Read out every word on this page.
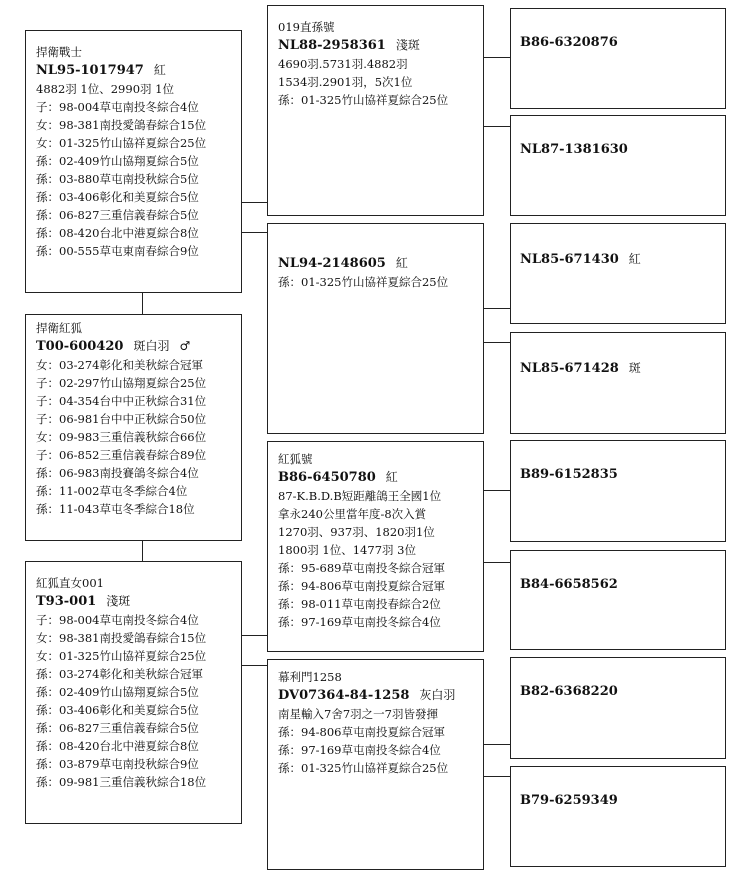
捍衛戰士
NL95-1017947 紅
4882羽 1位、2990羽 1位
子：98-004草屯南投冬綜合4位
女：98-381南投愛鴿春綜合15位
女：01-325竹山協祥夏綜合25位
孫：02-409竹山協翔夏綜合5位
孫：03-880草屯南投秋綜合5位
孫：03-406彰化和美夏綜合5位
孫：06-827三重信義春綜合5位
孫：08-420台北中港夏綜合8位
孫：00-555草屯東南春綜合9位
捍衛紅狐
T00-600420 斑白羽 ♂
女：03-274彰化和美秋綜合冠軍
子：02-297竹山協翔夏綜合25位
子：04-354台中中正秋綜合31位
子：06-981台中中正秋綜合50位
女：09-983三重信義秋綜合66位
子：06-852三重信義春綜合89位
孫：06-983南投賽鴿冬綜合4位
孫：11-002草屯冬季綜合4位
孫：11-043草屯冬季綜合18位
紅狐直女001
T93-001 淺斑
子：98-004草屯南投冬綜合4位
女：98-381南投愛鴿春綜合15位
女：01-325竹山協祥夏綜合25位
孫：03-274彰化和美秋綜合冠軍
孫：02-409竹山協翔夏綜合5位
孫：03-406彰化和美夏綜合5位
孫：06-827三重信義春綜合5位
孫：08-420台北中港夏綜合8位
孫：03-879草屯南投秋綜合9位
孫：09-981三重信義秋綜合18位
019直孫號
NL88-2958361 淺斑
4690羽.5731羽.4882羽
1534羽.2901羽，5次1位
孫：01-325竹山協祥夏綜合25位
NL94-2148605 紅
孫：01-325竹山協祥夏綜合25位
紅狐號
B86-6450780 紅
87-K.B.D.B短距離鴿王全國1位
拿永240公里當年度-8次入賞
1270羽、937羽、1820羽1位
1800羽 1位、1477羽 3位
孫：95-689草屯南投冬綜合冠軍
孫：94-806草屯南投夏綜合冠軍
孫：98-011草屯南投春綜合2位
孫：97-169草屯南投冬綜合4位
幕利門1258
DV07364-84-1258 灰白羽
南星輸入7舍7羽之一7羽皆發揮
孫：94-806草屯南投夏綜合冠軍
孫：97-169草屯南投冬綜合4位
孫：01-325竹山協祥夏綜合25位
B86-6320876
NL87-1381630
NL85-671430 紅
NL85-671428 斑
B89-6152835
B84-6658562
B82-6368220
B79-6259349
